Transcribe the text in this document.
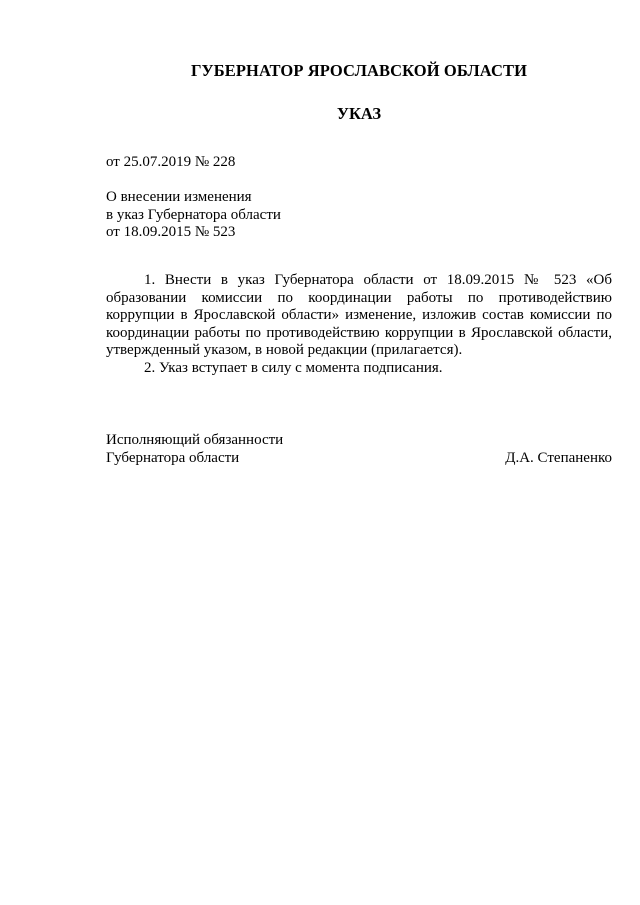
ГУБЕРНАТОР ЯРОСЛАВСКОЙ ОБЛАСТИ
УКАЗ
от 25.07.2019 № 228
О внесении изменения
в указ Губернатора области
от 18.09.2015 № 523

1. Внести в указ Губернатора области от 18.09.2015 № 523 «Об образовании комиссии по координации работы по противодействию коррупции в Ярославской области» изменение, изложив состав комиссии по координации работы по противодействию коррупции в Ярославской области, утвержденный указом, в новой редакции (прилагается).

2. Указ вступает в силу с момента подписания.

Исполняющий обязанности
Губернатора области	Д.А. Степаненко
